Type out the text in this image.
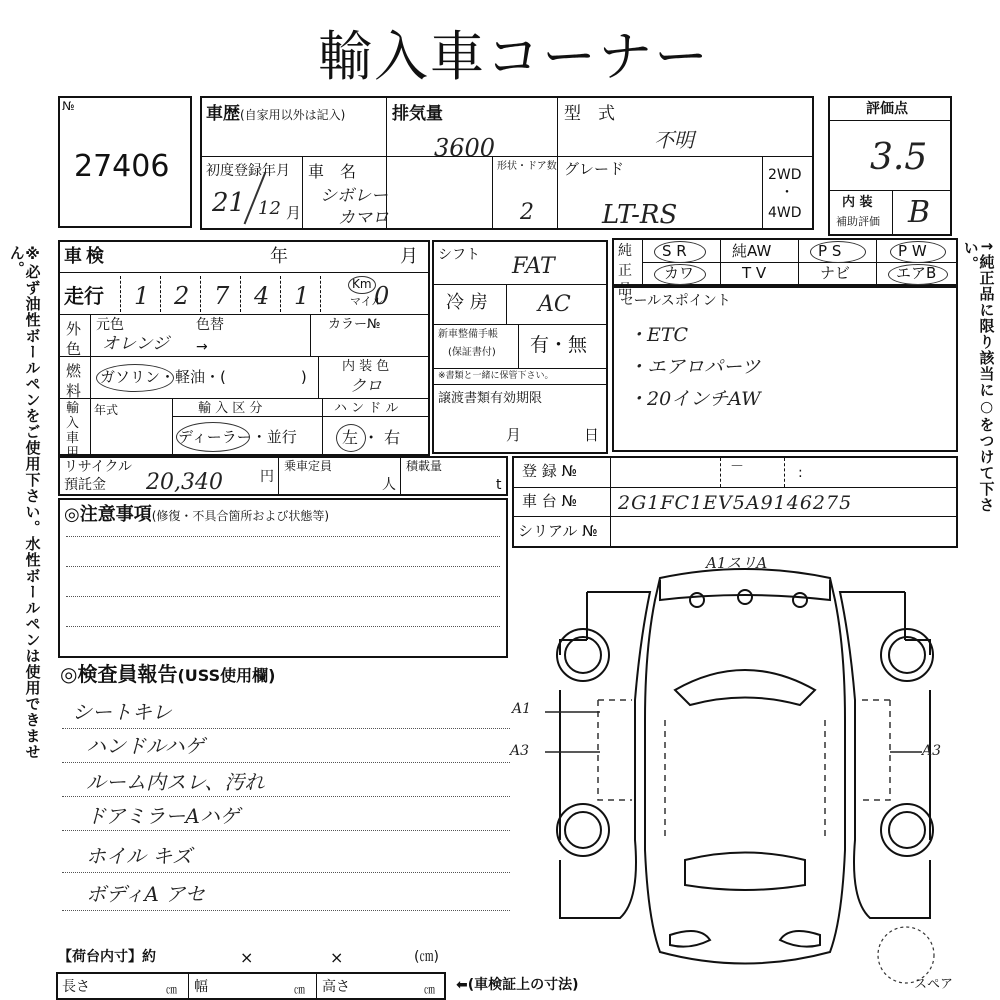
輸入車コーナー
※必ず油性ボールペンをご使用下さい。水性ボールペンは使用できません。	↑純正品に限り該当に○をつけて下さい。
№
27406
車歴(自家用以外は記入)	排気量
3600
型　式
不明
初度登録年月
21 12 月
車　名
シボレー
カマロ
形状・ドア数
2
グレード
LT-RS
2WD
・
4WD
評価点
3.5
内 装
補助評価 B
車検	年	月
走行 1 2 7 4 1	0
Km
マイル
外色
元色
オレンジ
色替
→
カラー№
燃料
ガソリン・軽油・(　　　　　)
内 装 色
クロ
輸入車用
年式	輸 入 区 分
ディーラー・並行
ハ ン ド ル
左 ・ 右
シフト FAT
冷 房 AC
新車整備手帳
(保証書付) 有・無
※書類と一緒に保管下さい。
譲渡書類有効期限
月	日
純正品
S R	純AW	P S	P W
カワ	T V	ナビ	エアB
セールスポイント
・ETC
・エアロパーツ
・20インチAW
リサイクル
預託金 20,340	円
乗車定員
人
積載量
t
登 録 №	－	:
車 台 № 2G1FC1EV5A9146275
シリアル №
◎注意事項(修復・不具合箇所および状態等)
◎検査員報告(USS使用欄)
シートキレ
ハンドルハゲ
ルーム内スレ、汚れ
ドアミラーAハゲ
ホイル キズ
ボディA アセ
【荷台内寸】約	×	×	(㎝)
長さ	㎝ 幅	㎝ 高さ	㎝ ⬅(車検証上の寸法)
A1スリA
A1
A3	A3
スペア
